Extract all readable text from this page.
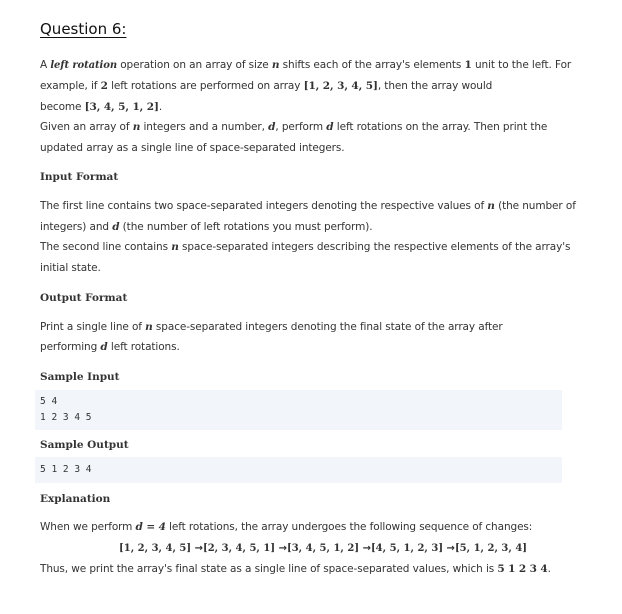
Question 6:
A left rotation operation on an array of size n shifts each of the array's elements 1 unit to the left. For
example, if 2 left rotations are performed on array [1, 2, 3, 4, 5], then the array would
become [3, 4, 5, 1, 2].
Given an array of n integers and a number, d, perform d left rotations on the array. Then print the
updated array as a single line of space-separated integers.
Input Format
The first line contains two space-separated integers denoting the respective values of n (the number of
integers) and d (the number of left rotations you must perform).
The second line contains n space-separated integers describing the respective elements of the array's
initial state.
Output Format
Print a single line of n space-separated integers denoting the final state of the array after
performing d left rotations.
Sample Input
5 4
1 2 3 4 5
Sample Output
5 1 2 3 4
Explanation
When we perform d = 4 left rotations, the array undergoes the following sequence of changes:
[1, 2, 3, 4, 5] →[2, 3, 4, 5, 1] →[3, 4, 5, 1, 2] →[4, 5, 1, 2, 3] →[5, 1, 2, 3, 4]
Thus, we print the array's final state as a single line of space-separated values, which is 5 1 2 3 4.
